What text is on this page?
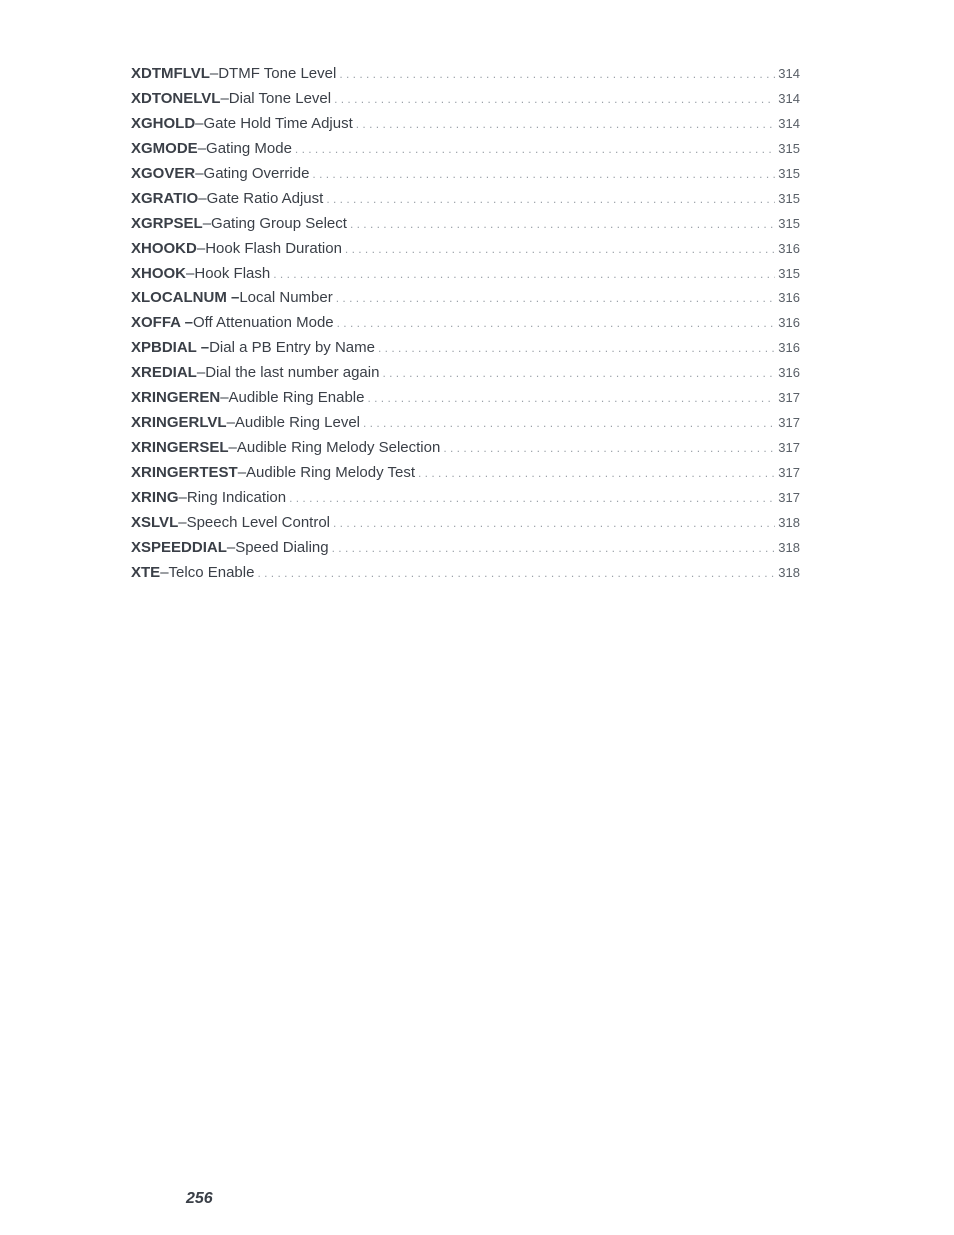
XDTMFLVL – DTMF Tone Level . . .	314
XDTONELVL – Dial Tone Level . . .	314
XGHOLD – Gate Hold Time Adjust . . .	314
XGMODE – Gating Mode . . .	315
XGOVER – Gating Override . . .	315
XGRATIO – Gate Ratio Adjust . . .	315
XGRPSEL – Gating Group Select . . .	315
XHOOKD – Hook Flash Duration . . .	316
XHOOK – Hook Flash . . .	315
XLOCALNUM – Local Number . . .	316
XOFFA – Off Attenuation Mode . . .	316
XPBDIAL – Dial a PB Entry by Name . . .	316
XREDIAL – Dial the last number again . . .	316
XRINGEREN – Audible Ring Enable . . .	317
XRINGERLVL – Audible Ring Level . . .	317
XRINGERSEL – Audible Ring Melody Selection . . .	317
XRINGERTEST – Audible Ring Melody Test . . .	317
XRING – Ring Indication . . .	317
XSLVL – Speech Level Control . . .	318
XSPEEDDIAL – Speed Dialing . . .	318
XTE – Telco Enable . . .	318
256
